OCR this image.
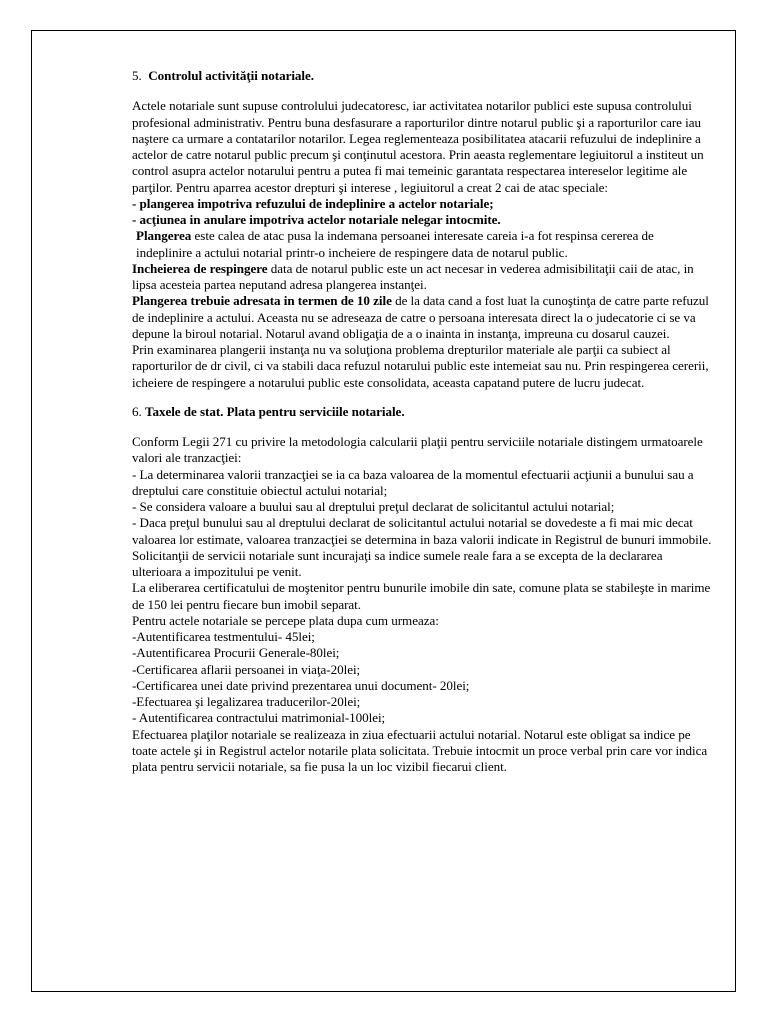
5. Controlul activităţii notariale.

Actele notariale sunt supuse controlului judecatoresc, iar activitatea notarilor publici este supusa controlului profesional administrativ. Pentru buna desfasurare a raporturilor dintre notarul public şi a raporturilor care iau naştere ca urmare a contatarilor notarilor. Legea reglementeaza posibilitatea atacarii refuzului de indeplinire a actelor de catre notarul public precum şi conţinutul acestora. Prin aeasta reglementare legiuitorul a institeut un control asupra actelor notarului pentru a putea fi mai temeinic garantata respectarea intereselor legitime ale parţilor. Pentru aparrea acestor drepturi şi interese , legiuitorul a creat 2 cai de atac speciale:

- plangerea impotriva refuzului de indeplinire a actelor notariale;

- acţiunea in anulare impotriva actelor notariale nelegar intocmite.

Plangerea este calea de atac pusa la indemana persoanei interesate careia i-a fot respinsa cererea de indeplinire a actului notarial printr-o incheiere de respingere data de notarul public.

Incheierea de respingere data de notarul public este un act necesar in vederea admisibilitaţii caii de atac, in lipsa acesteia partea neputand adresa plangerea instanţei.

Plangerea trebuie adresata in termen de 10 zile de la data cand a fost luat la cunoştinţa de catre parte refuzul de indeplinire a actului. Aceasta nu se adreseaza de catre o persoana interesata direct la o judecatorie ci se va depune la biroul notarial. Notarul avand obligaţia de a o inainta in instanţa, impreuna cu dosarul cauzei.

Prin examinarea plangerii instanţa nu va soluţiona problema drepturilor materiale ale parţii ca subiect al raporturilor de dr civil, ci va stabili daca refuzul notarului public este intemeiat sau nu. Prin respingerea cererii, icheiere de respingere a notarului public este consolidata, aceasta capatand putere de lucru judecat.

6. Taxele de stat. Plata pentru serviciile notariale.

Conform Legii 271 cu privire la metodologia calcularii plaţii pentru serviciile notariale distingem urmatoarele valori ale tranzacţiei:

- La determinarea valorii tranzacţiei se ia ca baza valoarea de la momentul efectuarii acţiunii a bunului sau a dreptului care constituie obiectul actului notarial;

- Se considera valoare a buului sau al dreptului preţul declarat de solicitantul actului notarial;

- Daca preţul bunului sau al dreptului declarat de solicitantul actului notarial se dovedeste a fi mai mic decat valoarea lor estimate, valoarea tranzacţiei se determina in baza valorii indicate in Registrul de bunuri immobile.

Solicitanţii de servicii notariale sunt incurajaţi sa indice sumele reale fara a se excepta de la declararea ulterioara a impozitului pe venit.

La eliberarea certificatului de moştenitor pentru bunurile imobile din sate, comune plata se stabileşte in marime de 150 lei pentru fiecare bun imobil separat.

Pentru actele notariale se percepe plata dupa cum urmeaza:

-Autentificarea testmentului- 45lei;

-Autentificarea Procurii Generale-80lei;

-Certificarea aflarii persoanei in viaţa-20lei;

-Certificarea unei date privind prezentarea unui document- 20lei;

-Efectuarea şi legalizarea traducerilor-20lei;

- Autentificarea contractului matrimonial-100lei;

Efectuarea plaţilor notariale se realizeaza in ziua efectuarii actului notarial. Notarul este obligat sa indice pe toate actele şi in Registrul actelor notarile plata solicitata. Trebuie intocmit un proce verbal prin care vor indica plata pentru servicii notariale, sa fie pusa la un loc vizibil fiecarui client.
